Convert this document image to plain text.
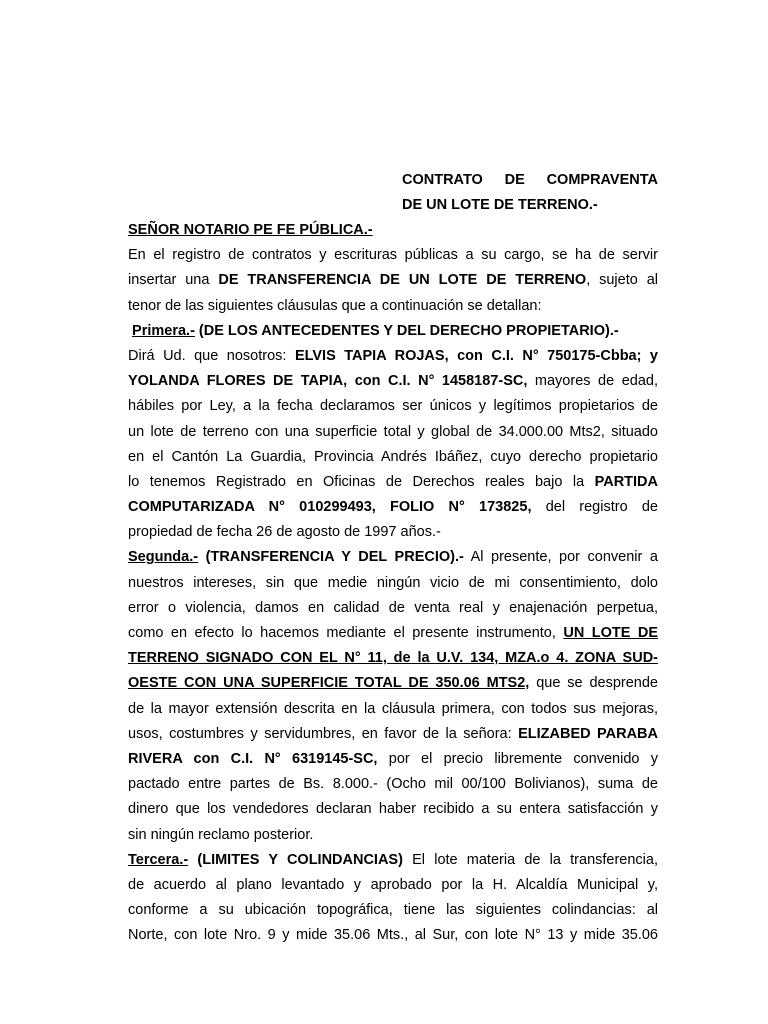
CONTRATO DE COMPRAVENTA
DE UN LOTE DE TERRENO.-
SEÑOR NOTARIO PE FE PÚBLICA.-
En el registro de contratos y escrituras públicas a su cargo, se ha de servir
insertar una DE TRANSFERENCIA DE UN LOTE DE TERRENO, sujeto al
tenor de las siguientes cláusulas que a continuación se detallan:
Primera.- (DE LOS ANTECEDENTES Y DEL DERECHO PROPIETARIO).-
Dirá Ud. que nosotros: ELVIS TAPIA ROJAS, con C.I. N° 750175-Cbba; y
YOLANDA FLORES DE TAPIA, con C.I. N° 1458187-SC, mayores de edad,
hábiles por Ley, a la fecha declaramos ser únicos y legítimos propietarios de
un lote de terreno con una superficie total y global de 34.000.00 Mts2, situado
en el Cantón La Guardia, Provincia Andrés Ibáñez, cuyo derecho propietario
lo tenemos Registrado en Oficinas de Derechos reales bajo la PARTIDA
COMPUTARIZADA N° 010299493, FOLIO N° 173825, del registro de
propiedad de fecha 26 de agosto de 1997 años.-
Segunda.- (TRANSFERENCIA Y DEL PRECIO).- Al presente, por convenir a
nuestros intereses, sin que medie ningún vicio de mi consentimiento, dolo
error o violencia, damos en calidad de venta real y enajenación perpetua,
como en efecto lo hacemos mediante el presente instrumento, UN LOTE DE
TERRENO SIGNADO CON EL N° 11, de la U.V. 134, MZA.o 4. ZONA SUD-
OESTE CON UNA SUPERFICIE TOTAL DE 350.06 MTS2, que se desprende
de la mayor extensión descrita en la cláusula primera, con todos sus mejoras,
usos, costumbres y servidumbres, en favor de la señora: ELIZABED PARABA
RIVERA con C.I. N° 6319145-SC, por el precio libremente convenido y
pactado entre partes de Bs. 8.000.- (Ocho mil 00/100 Bolivianos), suma de
dinero que los vendedores declaran haber recibido a su entera satisfacción y
sin ningún reclamo posterior.
Tercera.- (LIMITES Y COLINDANCIAS) El lote materia de la transferencia,
de acuerdo al plano levantado y aprobado por la H. Alcaldía Municipal y,
conforme a su ubicación topográfica, tiene las siguientes colindancias: al
Norte, con lote Nro. 9 y mide 35.06 Mts., al Sur, con lote N° 13 y mide 35.06
